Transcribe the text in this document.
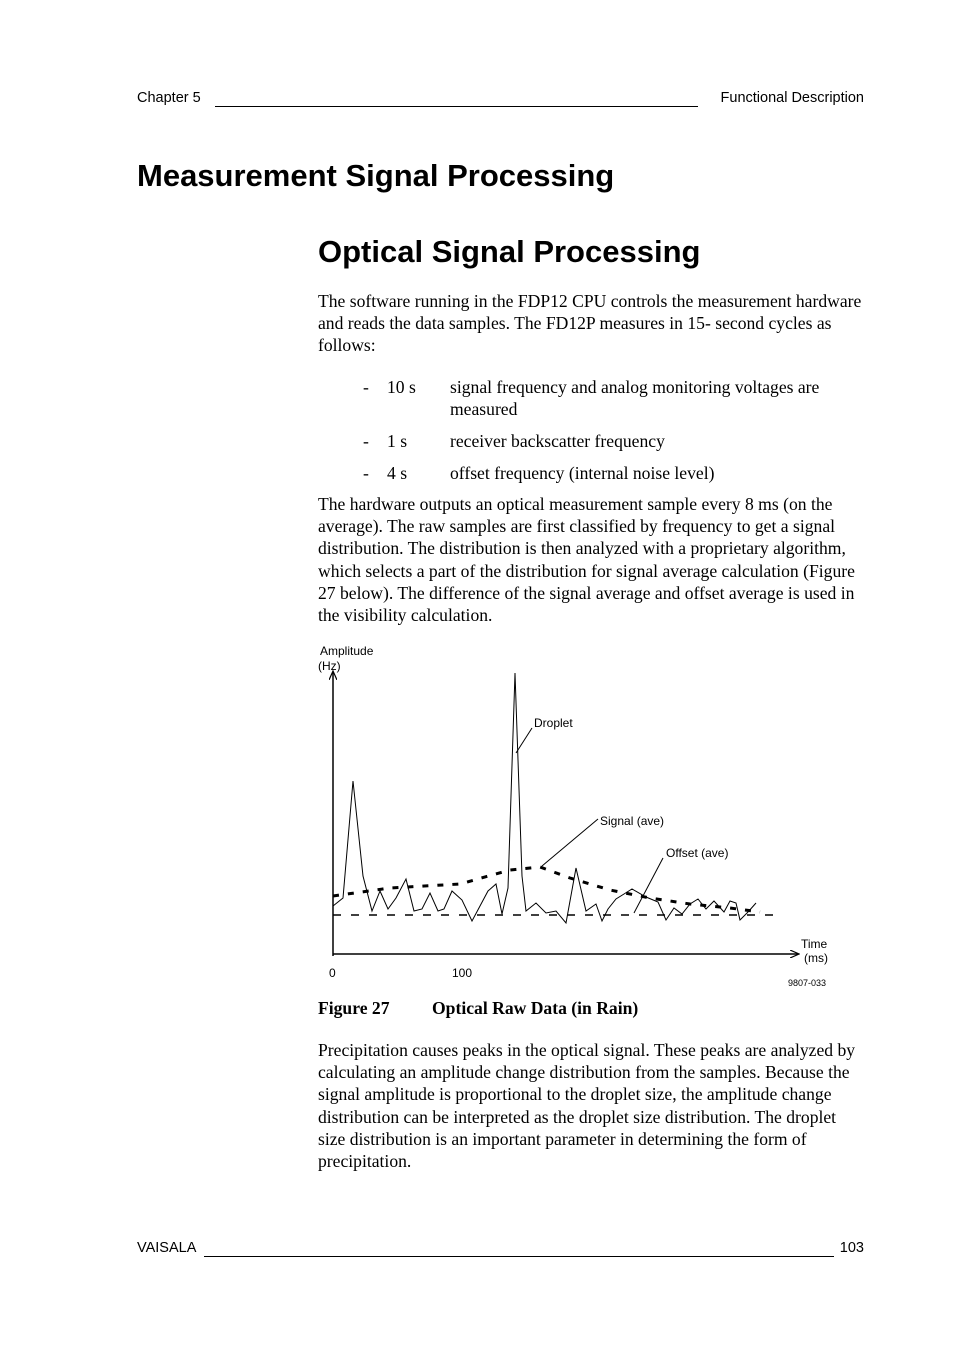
Chapter 5	Functional Description
Measurement Signal Processing
Optical Signal Processing
The software running in the FDP12 CPU controls the measurement hardware and reads the data samples. The FD12P measures in 15- second cycles as follows:
- 10 s signal frequency and analog monitoring voltages are measured
- 1 s receiver backscatter frequency
- 4 s offset frequency (internal noise level)
The hardware outputs an optical measurement sample every 8 ms (on the average). The raw samples are first classified by frequency to get a signal distribution. The distribution is then analyzed with a proprietary algorithm, which selects a part of the distribution for signal average calculation (Figure 27 below). The difference of the signal average and offset average is used in the visibility calculation.
Amplitude
(Hz)
Time
(ms)
0	100
Droplet
Signal (ave)
Offset (ave)
9807-033
Figure 27 Optical Raw Data (in Rain)
Precipitation causes peaks in the optical signal. These peaks are analyzed by calculating an amplitude change distribution from the samples. Because the signal amplitude is proportional to the droplet size, the amplitude change distribution can be interpreted as the droplet size distribution. The droplet size distribution is an important parameter in determining the form of precipitation.
VAISALA	103
